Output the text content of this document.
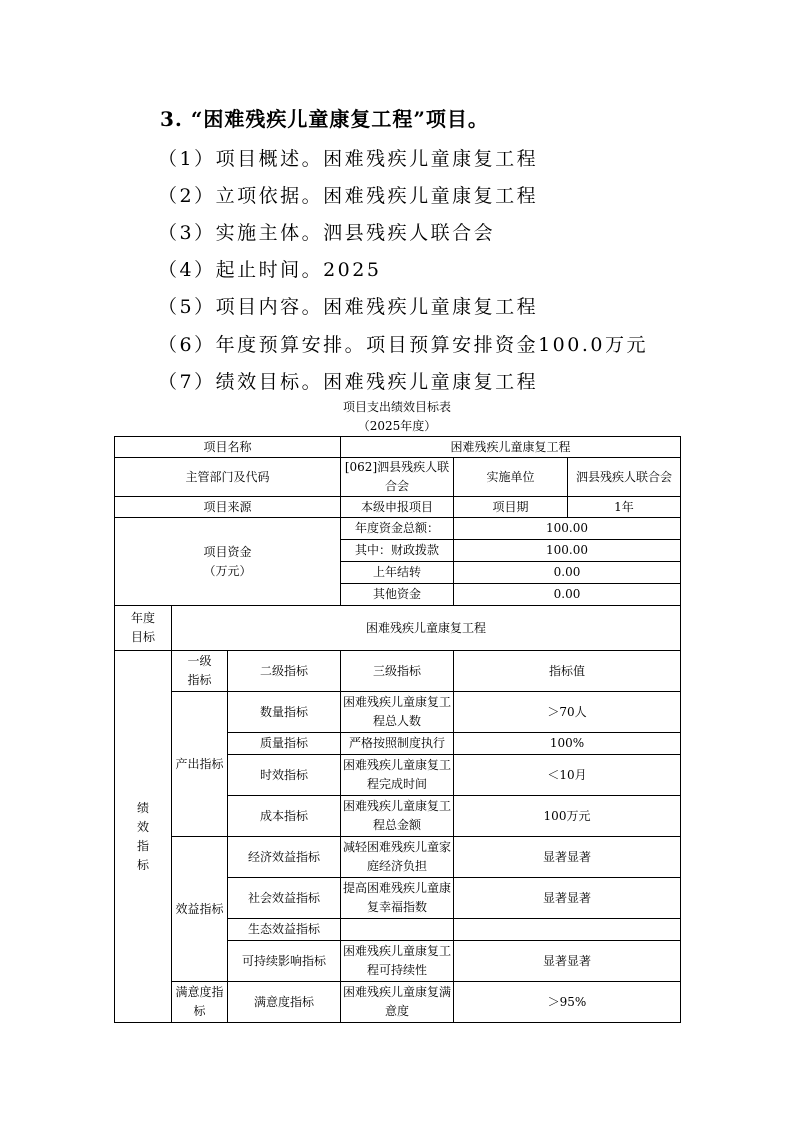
3. “困难残疾儿童康复工程”项目。
（1）项目概述。困难残疾儿童康复工程
（2）立项依据。困难残疾儿童康复工程
（3）实施主体。泗县残疾人联合会
（4）起止时间。2025
（5）项目内容。困难残疾儿童康复工程
（6）年度预算安排。项目预算安排资金100.0万元
（7）绩效目标。困难残疾儿童康复工程
项目支出绩效目标表
（2025年度）
项目名称			困难残疾儿童康复工程		
主管部门及代码			[062]泗县残疾人联合会	实施单位	泗县残疾人联合会
项目来源			本级申报项目	项目期	1年

项目资金
（万元）			年度资金总额：	100.00	
			其中：财政拨款	100.00	
			上年结转	0.00	
			其他资金	0.00	
年度目标	困难残疾儿童康复工程				
绩效指标	一级指标	二级指标	三级指标	指标值	
	产出指标	数量指标	困难残疾儿童康复工程总人数	＞70人	
		质量指标	严格按照制度执行	100%	
		时效指标	困难残疾儿童康复工程完成时间	＜10月	
		成本指标	困难残疾儿童康复工程总金额	100万元	
	效益指标	经济效益指标	减轻困难残疾儿童家庭经济负担	显著显著	
		社会效益指标	提高困难残疾儿童康复幸福指数	显著显著	
		生态效益指标			
		可持续影响指标	困难残疾儿童康复工程可持续性	显著显著	
	满意度指标	满意度指标	困难残疾儿童康复满意度	＞95%	
